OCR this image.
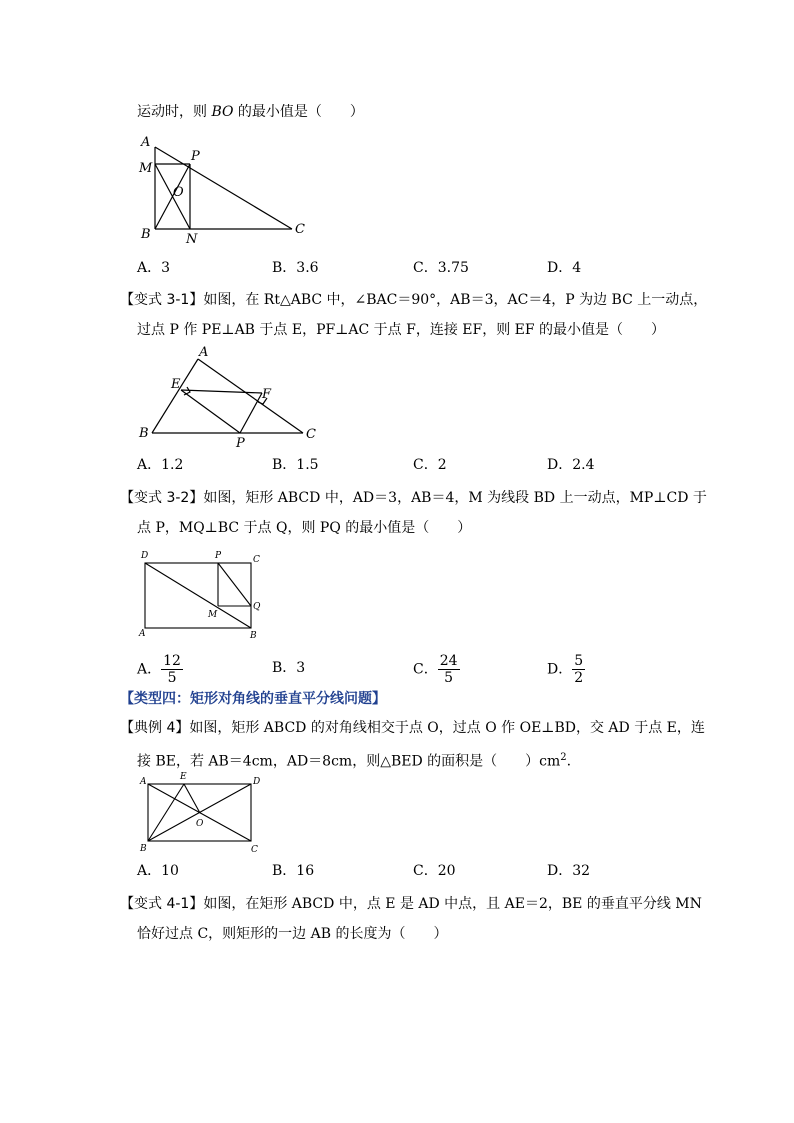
运动时，则 BO 的最小值是（　　）
A
M
P
O
B	N
C
A．3	B．3.6	C．3.75	D．4
【变式 3-1】如图，在 Rt△ABC 中，∠BAC＝90°，AB＝3，AC＝4，P 为边 BC 上一动点，
过点 P 作 PE⊥AB 于点 E，PF⊥AC 于点 F，连接 EF，则 EF 的最小值是（　　）
A
E
F
B
P
C
A．1.2	B．1.5	C．2	D．2.4
【变式 3-2】如图，矩形 ABCD 中，AD＝3，AB＝4，M 为线段 BD 上一动点，MP⊥CD 于
点 P，MQ⊥BC 于点 Q，则 PQ 的最小值是（　　）
D	P	C
Q
M
A	B
A． $\frac{12}{5}$	B．3	C． $\frac{24}{5}$	D． $\frac{5}{2}$
【类型四：矩形对角线的垂直平分线问题】
【典例 4】如图，矩形 ABCD 的对角线相交于点 O，过点 O 作 OE⊥BD，交 AD 于点 E，连
接 BE，若 AB＝4cm，AD＝8cm，则△BED 的面积是（　　）$cm^2$.
A	E	D
O
B	C
A．10	B．16	C．20	D．32
【变式 4-1】如图，在矩形 ABCD 中，点 E 是 AD 中点，且 AE＝2，BE 的垂直平分线 MN
恰好过点 C，则矩形的一边 AB 的长度为（　　）
